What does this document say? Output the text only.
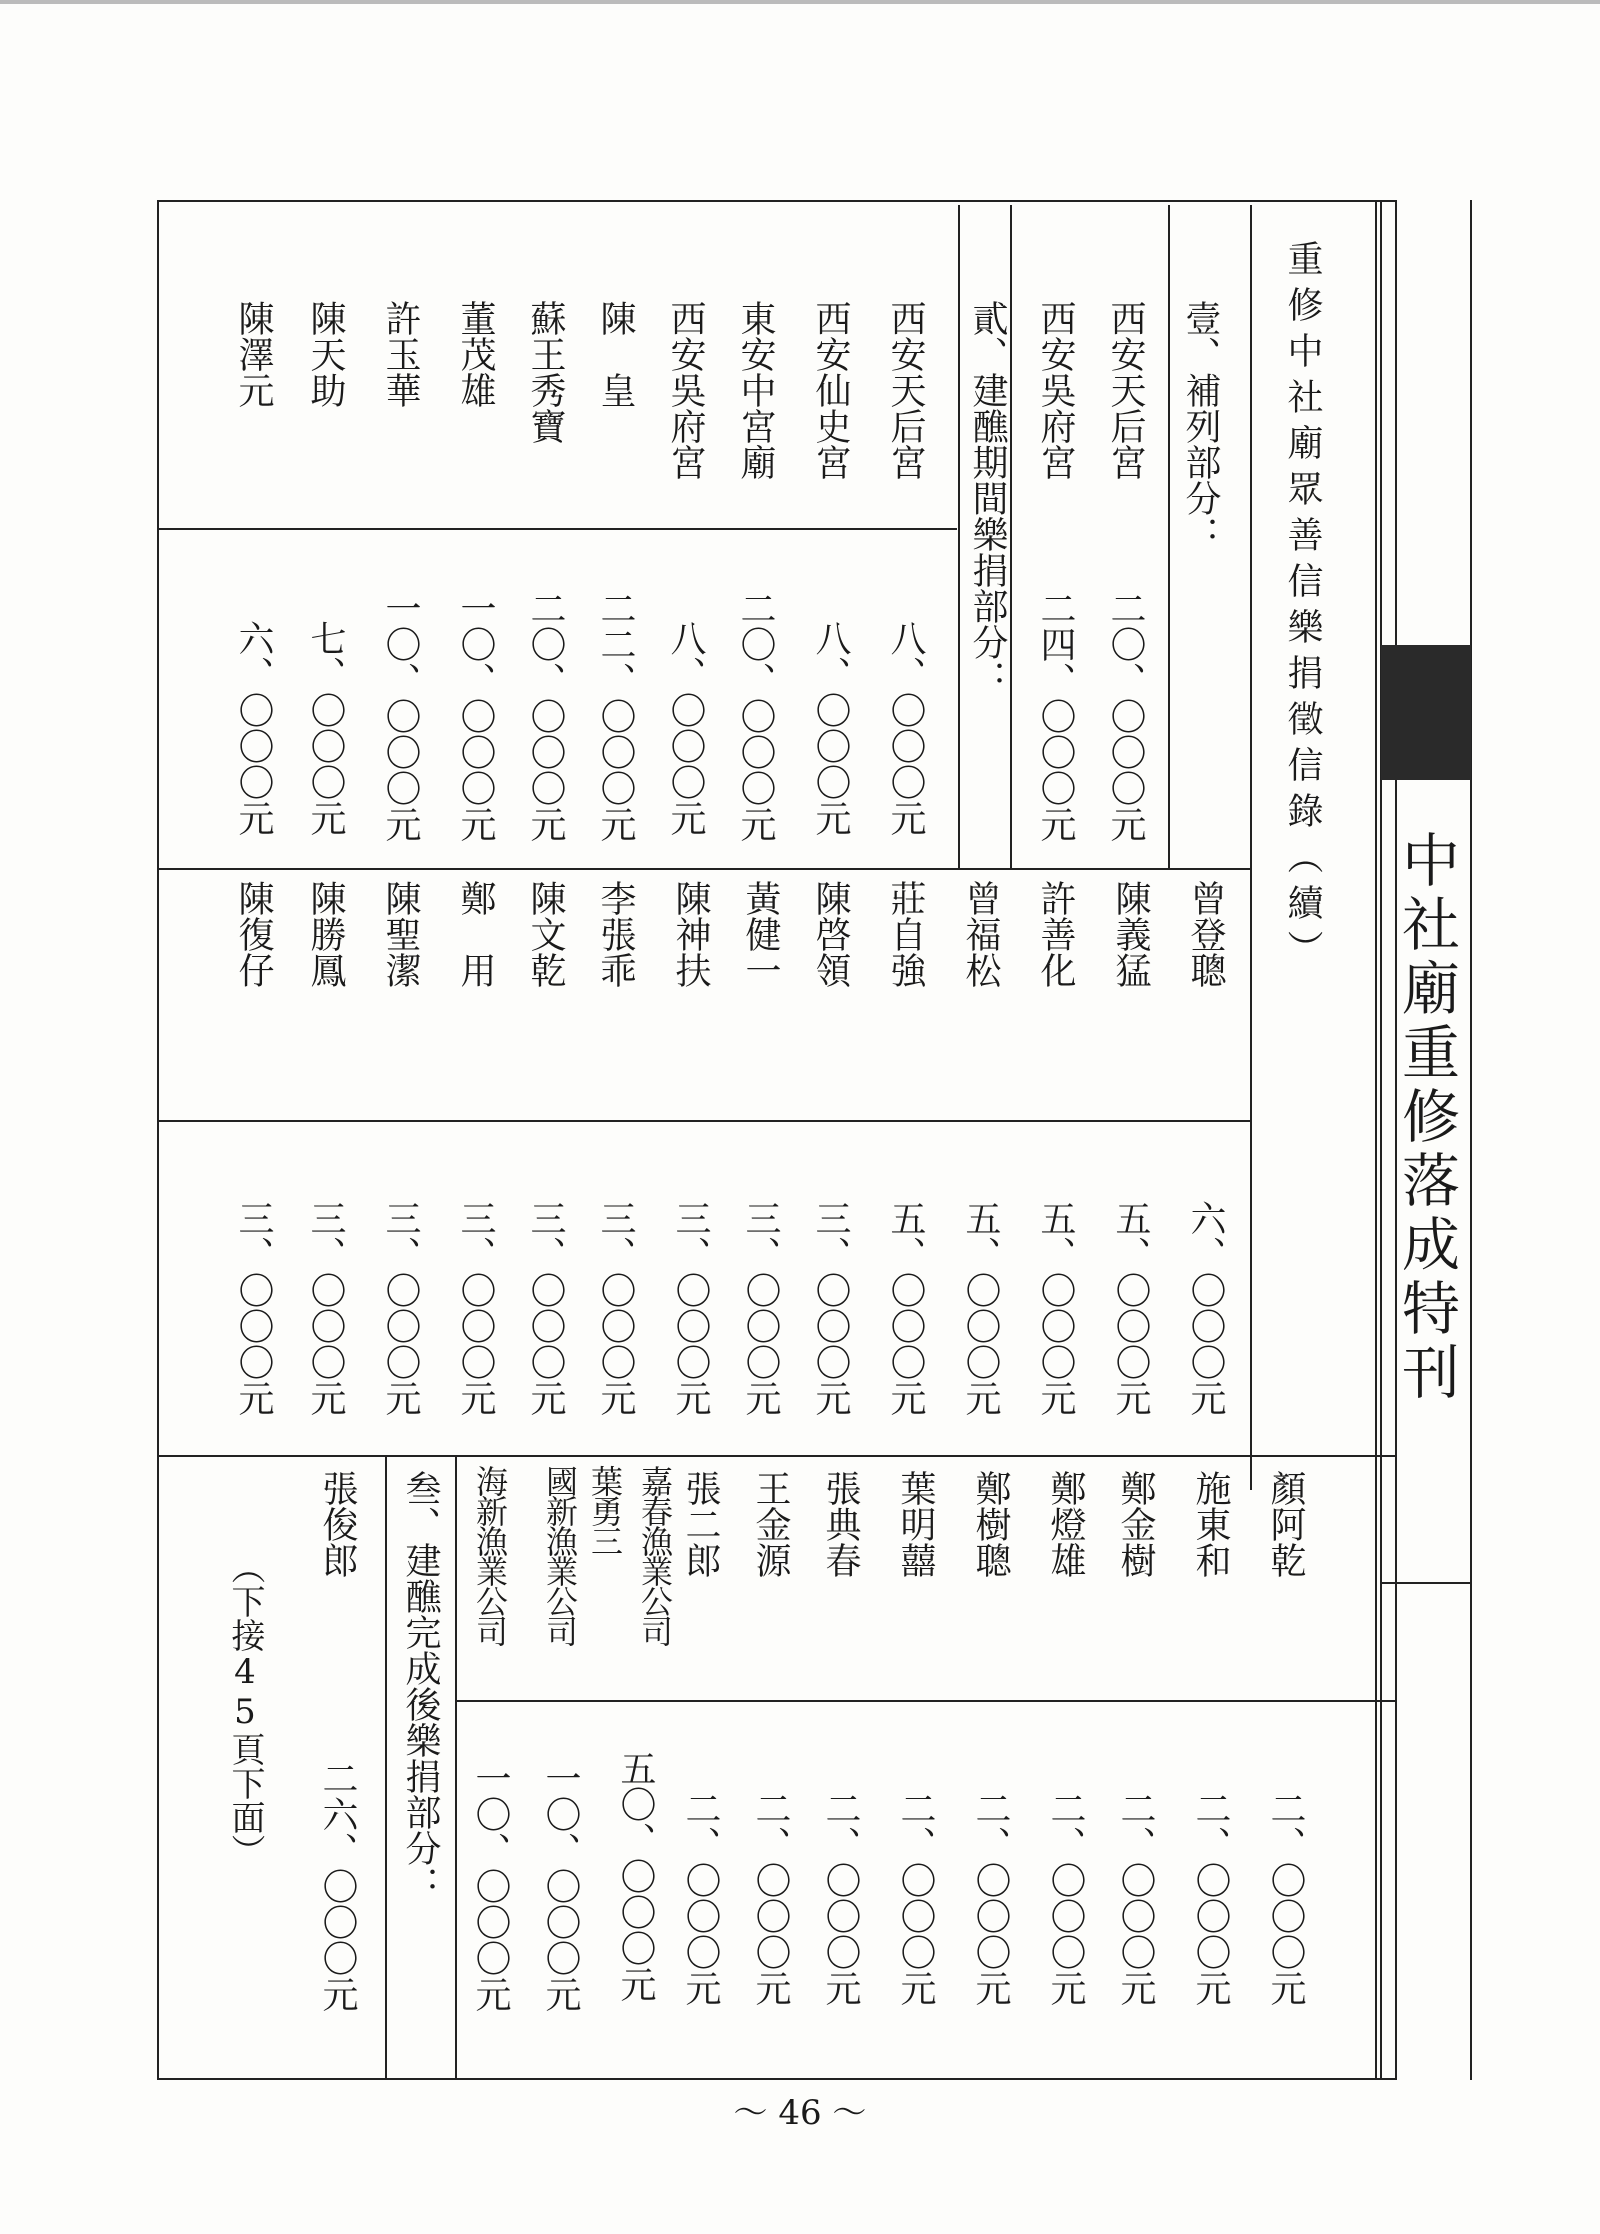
重修中社廟眾善信樂捐徵信錄（續）
中社廟重修落成特刊
壹、補列部分：
貳、建醮期間樂捐部分：
叁、建醮完成後樂捐部分：
西安天后宮
二〇、〇〇〇元
西安吳府宮
二四、〇〇〇元
西安天后宮
八、〇〇〇元
西安仙史宮
八、〇〇〇元
東安中宮廟
二〇、〇〇〇元
西安吳府宮
八、〇〇〇元
陳　皇
二二、〇〇〇元
蘇王秀寶
二〇、〇〇〇元
董茂雄
一〇、〇〇〇元
許玉華
一〇、〇〇〇元
陳天助
七、〇〇〇元
陳澤元
六、〇〇〇元
曾登聰
六、〇〇〇元
陳義猛
五、〇〇〇元
許善化
五、〇〇〇元
曾福松
五、〇〇〇元
莊自強
五、〇〇〇元
陳啓領
三、〇〇〇元
黃健一
三、〇〇〇元
陳神扶
三、〇〇〇元
李張乖
三、〇〇〇元
陳文乾
三、〇〇〇元
鄭　用
三、〇〇〇元
陳聖潔
三、〇〇〇元
陳勝鳳
三、〇〇〇元
陳復仔
三、〇〇〇元
顏阿乾
二、〇〇〇元
施東和
二、〇〇〇元
鄭金樹
二、〇〇〇元
鄭燈雄
二、〇〇〇元
鄭樹聰
二、〇〇〇元
葉明囍
二、〇〇〇元
張典春
二、〇〇〇元
王金源
二、〇〇〇元
張二郎
二、〇〇〇元
嘉春漁業公司 葉勇三
五〇、〇〇〇元
國新漁業公司
一〇、〇〇〇元
海新漁業公司
一〇、〇〇〇元
張俊郎
二六、〇〇〇元
（下接45頁下面）
～ 46 ～
